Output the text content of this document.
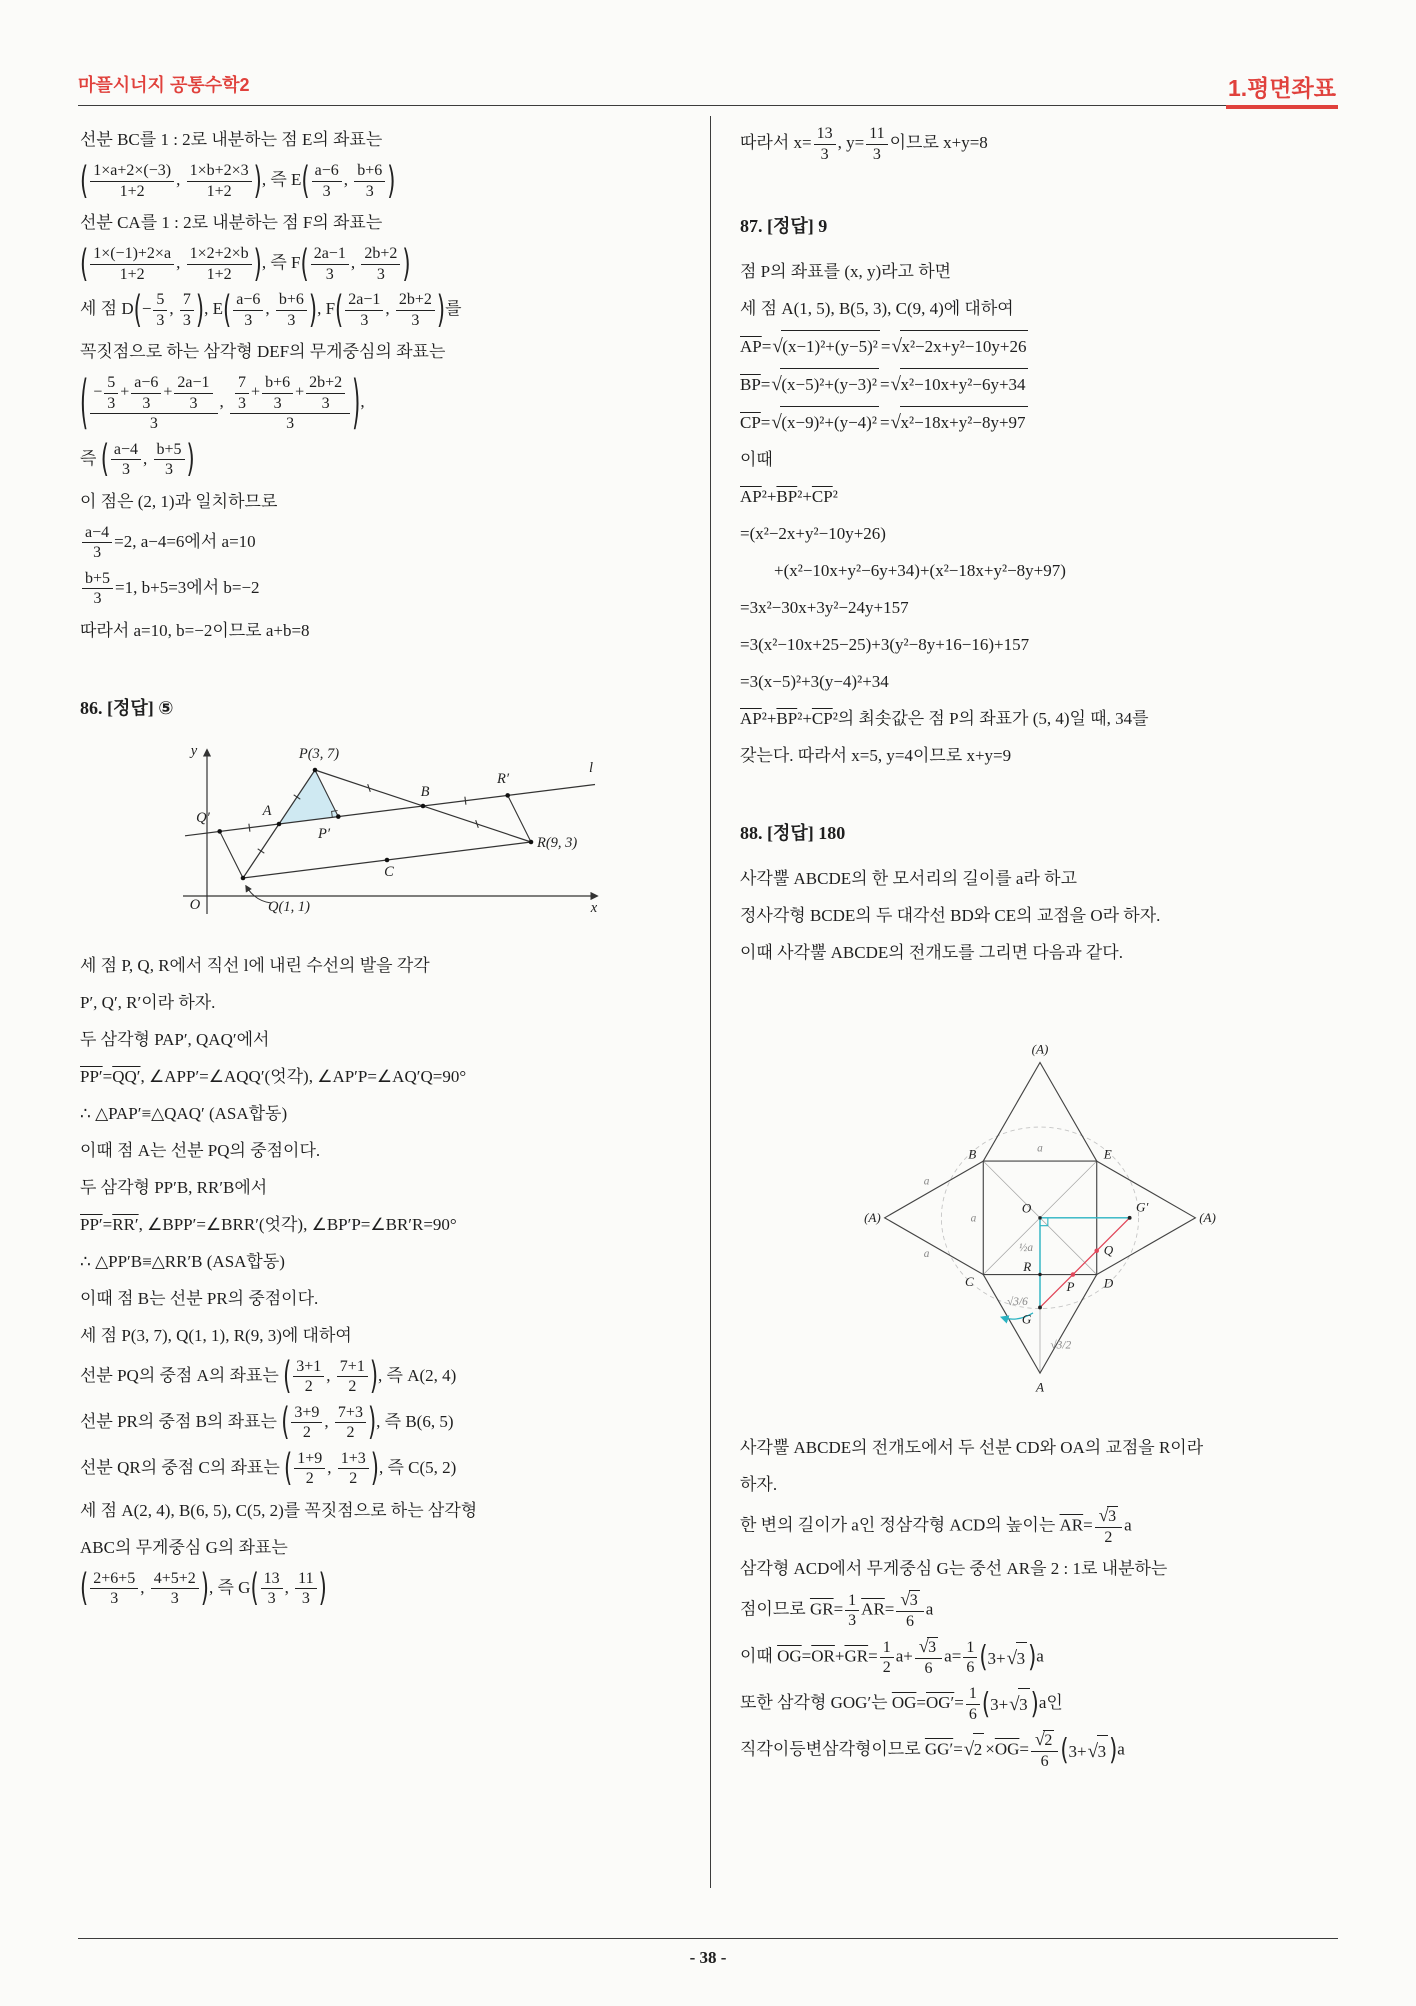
마플시너지 공통수학2	1.평면좌표
선분 BC를 1 : 2로 내분하는 점 E의 좌표는
( $\frac{1\times a+2\times(-3)}{1+2}$ , $\frac{1\times b+2\times 3}{1+2}$ ) , 즉 E ( $\frac{a-6}{3}$ , $\frac{b+6}{3}$ )
선분 CA를 1 : 2로 내분하는 점 F의 좌표는
( $\frac{1\times(-1)+2\times a}{1+2}$ , $\frac{1\times 2+2\times b}{1+2}$ ) , 즉 F ( $\frac{2a-1}{3}$ , $\frac{2b+2}{3}$ )
세 점 D ( − $\frac{5}{3}$ , $\frac{7}{3}$ ) , E ( $\frac{a-6}{3}$ , $\frac{b+6}{3}$ ) , F ( $\frac{2a-1}{3}$ , $\frac{2b+2}{3}$ ) 를
꼭짓점으로 하는 삼각형 DEF의 무게중심의 좌표는
( $\frac{- \frac{5}{3} + \frac{a-6}{3} + \frac{2a-1}{3}}{3}$ , $\frac{\frac{7}{3} + \frac{b+6}{3} + \frac{2b+2}{3}}{3}$ ) ,
즉 ( $\frac{a-4}{3}$ , $\frac{b+5}{3}$ )
이 점은 (2, 1)과 일치하므로
$\frac{a-4}{3} =2$, a−4=6에서 a=10
$\frac{b+5}{3} =1$, b+5=3에서 b=−2
따라서 a=10, b=−2이므로 a+b=8
86. [정답] ⑤
y
x
O
P(3, 7)
Q′	A
B
R′
l
R(9, 3)
P′
C
Q(1, 1)
세 점 P, Q, R에서 직선 l에 내린 수선의 발을 각각
P′, Q′, R′이라 하자.
두 삼각형 PAP′, QAQ′에서
PP′=QQ′, ∠APP′=∠AQQ′(엇각), ∠AP′P=∠AQ′Q=90°
∴ △PAP′≡△QAQ′ (ASA합동)
이때 점 A는 선분 PQ의 중점이다.
두 삼각형 PP′B, RR′B에서
PP′=RR′, ∠BPP′=∠BRR′(엇각), ∠BP′P=∠BR′R=90°
∴ △PP′B≡△RR′B (ASA합동)
이때 점 B는 선분 PR의 중점이다.
세 점 P(3, 7), Q(1, 1), R(9, 3)에 대하여
선분 PQ의 중점 A의 좌표는 ( $\frac{3+1}{2}$ , $\frac{7+1}{2}$ ) , 즉 A(2, 4)
선분 PR의 중점 B의 좌표는 ( $\frac{3+9}{2}$ , $\frac{7+3}{2}$ ) , 즉 B(6, 5)
선분 QR의 중점 C의 좌표는 ( $\frac{1+9}{2}$ , $\frac{1+3}{2}$ ) , 즉 C(5, 2)
세 점 A(2, 4), B(6, 5), C(5, 2)를 꼭짓점으로 하는 삼각형
ABC의 무게중심 G의 좌표는
( $\frac{2+6+5}{3}$ , $\frac{4+5+2}{3}$ ) , 즉 G ( $\frac{13}{3}$ , $\frac{11}{3}$ )
따라서 $x= \frac{13}{3}$ , $y= \frac{11}{3}$ 이므로 x+y=8
87. [정답] 9
점 P의 좌표를 (x, y)라고 하면
세 점 A(1, 5), B(5, 3), C(9, 4)에 대하여
$\overline{AP}=$ √ (x−1)²+(y−5)² = √ x²−2x+y²−10y+26
$\overline{BP}=$ √ (x−5)²+(y−3)² = √ x²−10x+y²−6y+34
$\overline{CP}=$ √ (x−9)²+(y−4)² = √ x²−18x+y²−8y+97
이때
$\overline{AP}^2+\overline{BP}^2+\overline{CP}^2$
=(x²−2x+y²−10y+26)
+(x²−10x+y²−6y+34)+(x²−18x+y²−8y+97)
=3x²−30x+3y²−24y+157
=3(x²−10x+25−25)+3(y²−8y+16−16)+157
=3(x−5)²+3(y−4)²+34
$\overline{AP}^2+\overline{BP}^2+\overline{CP}^2$의 최솟값은 점 P의 좌표가 (5, 4)일 때, 34를
갖는다. 따라서 x=5, y=4이므로 x+y=9
88. [정답] 180
사각뿔 ABCDE의 한 모서리의 길이를 a라 하고
정사각형 BCDE의 두 대각선 BD와 CE의 교점을 O라 하자.
이때 사각뿔 ABCDE의 전개도를 그리면 다음과 같다.
(A)
(A)	(A)
A
B	E
C	D
O	G′
G
R
P
Q
a
a
a
a
½a
√3/6
√3/2
사각뿔 ABCDE의 전개도에서 두 선분 CD와 OA의 교점을 R이라
하자.
한 변의 길이가 a인 정삼각형 ACD의 높이는 $\overline{AR}= \frac{√ 3}{2}$ a
삼각형 ACD에서 무게중심 G는 중선 AR을 2 : 1로 내분하는
점이므로 $\overline{GR}= \frac{1}{3} \overline{AR}= \frac{√ 3}{6}$ a
이때 $\overline{OG}=\overline{OR}+\overline{GR}= \frac{1}{2} a+ \frac{√ 3}{6} a= \frac{1}{6}$ ( 3+ √ 3 ) a
또한 삼각형 GOG′는 $\overline{OG}=OG'= \frac{1}{6}$ ( 3+ √ 3 ) a인
직각이등변삼각형이므로 GG′= √ $2 \times\overline{OG}= \frac{√ 2}{6}$ ( 3+ √ 3 ) a
- 38 -
